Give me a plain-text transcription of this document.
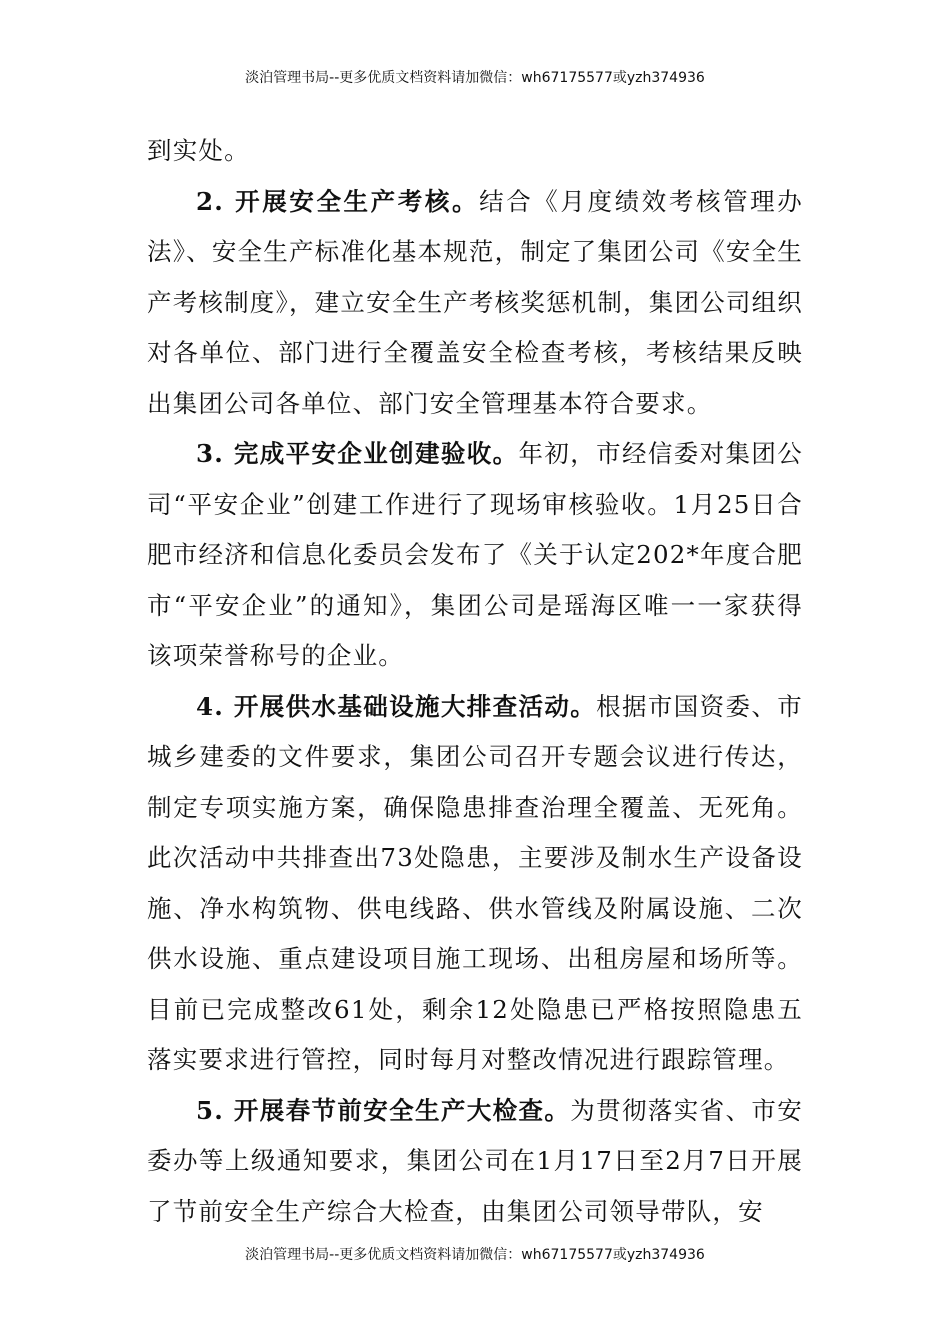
淡泊管理书局--更多优质文档资料请加微信：wh67175577或yzh374936

到实处。

2. 开展安全生产考核。结合《月度绩效考核管理办法》、安全生产标准化基本规范，制定了集团公司《安全生产考核制度》，建立安全生产考核奖惩机制，集团公司组织对各单位、部门进行全覆盖安全检查考核，考核结果反映出集团公司各单位、部门安全管理基本符合要求。

3. 完成平安企业创建验收。年初，市经信委对集团公司“平安企业”创建工作进行了现场审核验收。1月25日合肥市经济和信息化委员会发布了《关于认定202*年度合肥市“平安企业”的通知》，集团公司是瑶海区唯一一家获得该项荣誉称号的企业。

4. 开展供水基础设施大排查活动。根据市国资委、市城乡建委的文件要求，集团公司召开专题会议进行传达，制定专项实施方案，确保隐患排查治理全覆盖、无死角。此次活动中共排查出73处隐患，主要涉及制水生产设备设施、净水构筑物、供电线路、供水管线及附属设施、二次供水设施、重点建设项目施工现场、出租房屋和场所等。目前已完成整改61处，剩余12处隐患已严格按照隐患五落实要求进行管控，同时每月对整改情况进行跟踪管理。

5. 开展春节前安全生产大检查。为贯彻落实省、市安委办等上级通知要求，集团公司在1月17日至2月7日开展了节前安全生产综合大检查，由集团公司领导带队，安

淡泊管理书局--更多优质文档资料请加微信：wh67175577或yzh374936
